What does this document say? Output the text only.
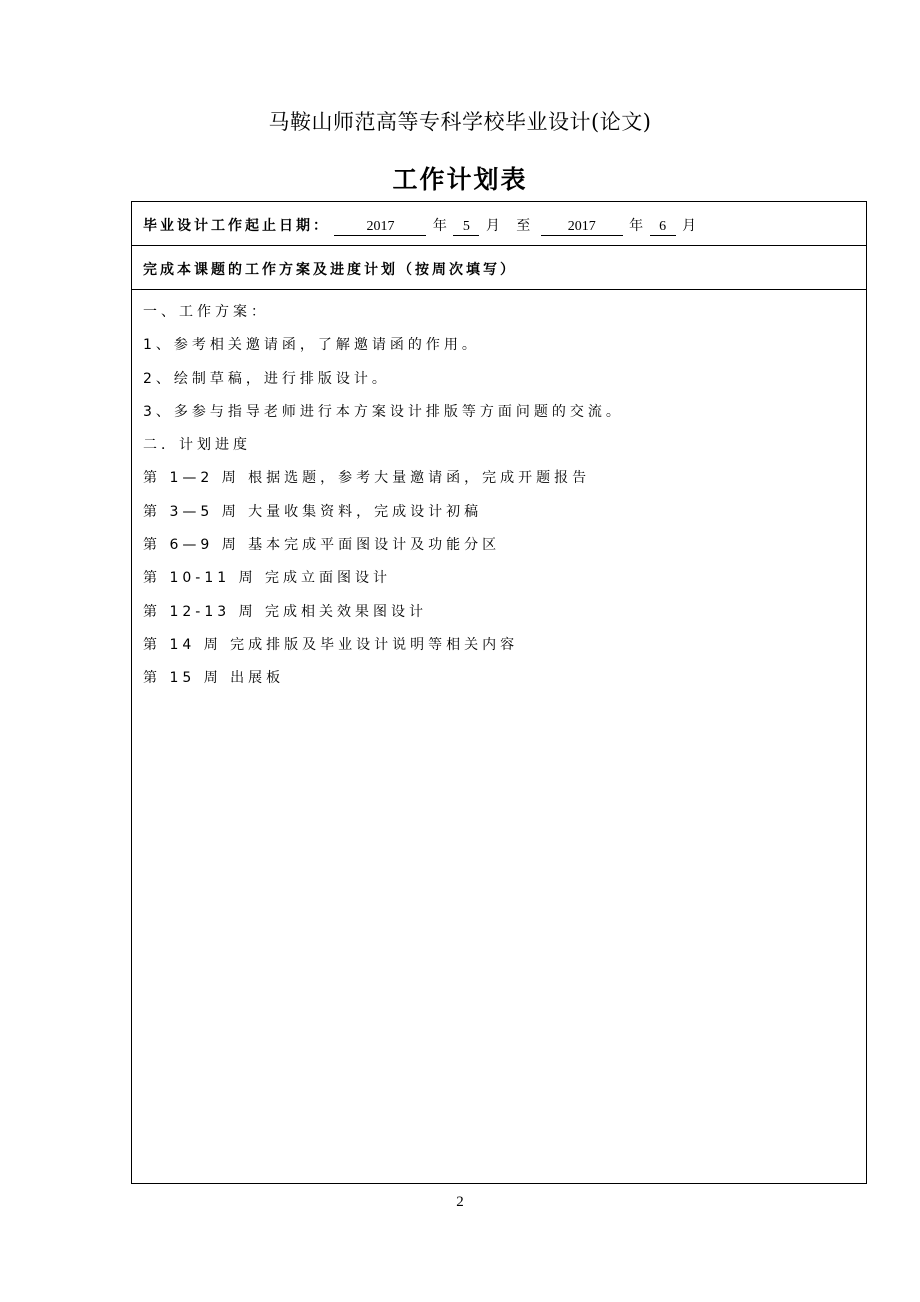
马鞍山师范高等专科学校毕业设计(论文)
工作计划表
毕业设计工作起止日期：	2017	年 5 月 至	2017 年 6 月
完成本课题的工作方案及进度计划（按周次填写）
一、工作方案：
1、参考相关邀请函，了解邀请函的作用。
2、绘制草稿，进行排版设计。
3、多参与指导老师进行本方案设计排版等方面问题的交流。
二．计划进度
第 1—2 周 根据选题，参考大量邀请函，完成开题报告
第 3—5 周 大量收集资料，完成设计初稿
第 6—9 周 基本完成平面图设计及功能分区
第 10-11 周 完成立面图设计
第 12-13 周 完成相关效果图设计
第 14 周 完成排版及毕业设计说明等相关内容
第 15 周 出展板
2
